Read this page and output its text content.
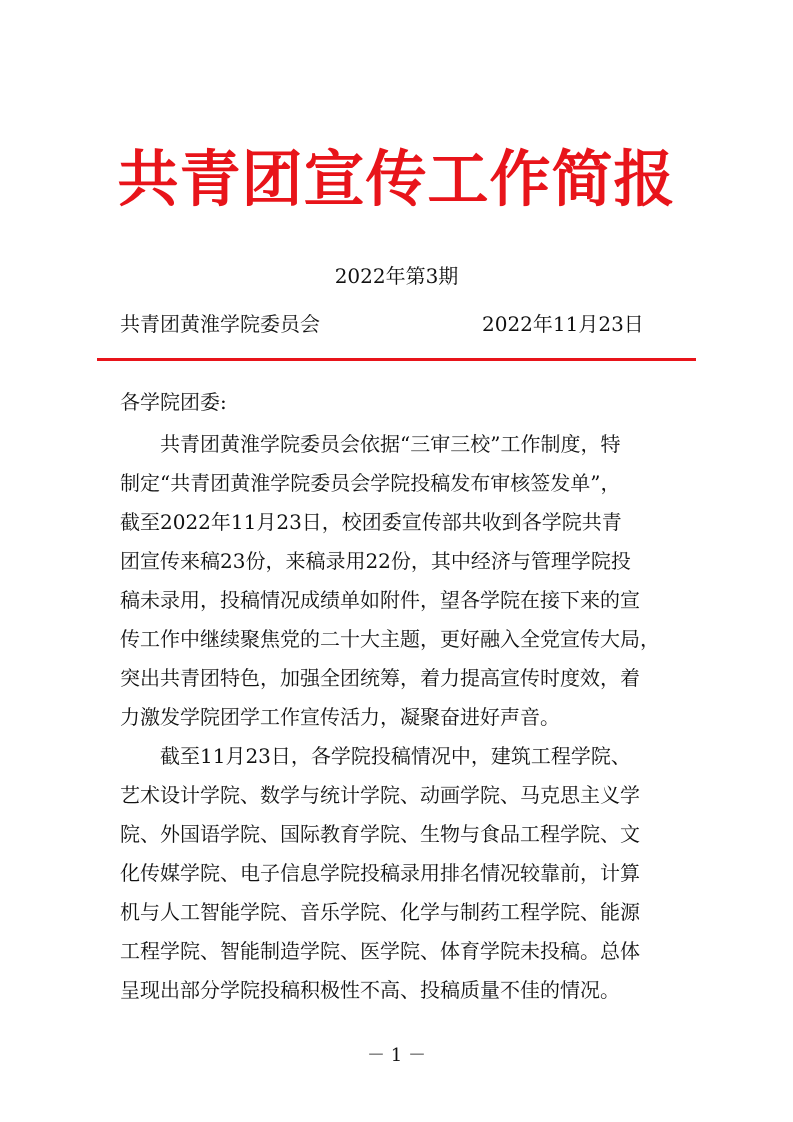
共青团宣传工作简报
2022年第3期
共青团黄淮学院委员会	2022年11月23日
各学院团委:
　　共青团黄淮学院委员会依据“三审三校”工作制度，特
制定“共青团黄淮学院委员会学院投稿发布审核签发单”，
截至2022年11月23日，校团委宣传部共收到各学院共青
团宣传来稿23份，来稿录用22份，其中经济与管理学院投
稿未录用，投稿情况成绩单如附件，望各学院在接下来的宣
传工作中继续聚焦党的二十大主题，更好融入全党宣传大局，
突出共青团特色，加强全团统筹，着力提高宣传时度效，着
力激发学院团学工作宣传活力，凝聚奋进好声音。
　　截至11月23日，各学院投稿情况中，建筑工程学院、
艺术设计学院、数学与统计学院、动画学院、马克思主义学
院、外国语学院、国际教育学院、生物与食品工程学院、文
化传媒学院、电子信息学院投稿录用排名情况较靠前，计算
机与人工智能学院、音乐学院、化学与制药工程学院、能源
工程学院、智能制造学院、医学院、体育学院未投稿。总体
呈现出部分学院投稿积极性不高、投稿质量不佳的情况。
－ 1 －
